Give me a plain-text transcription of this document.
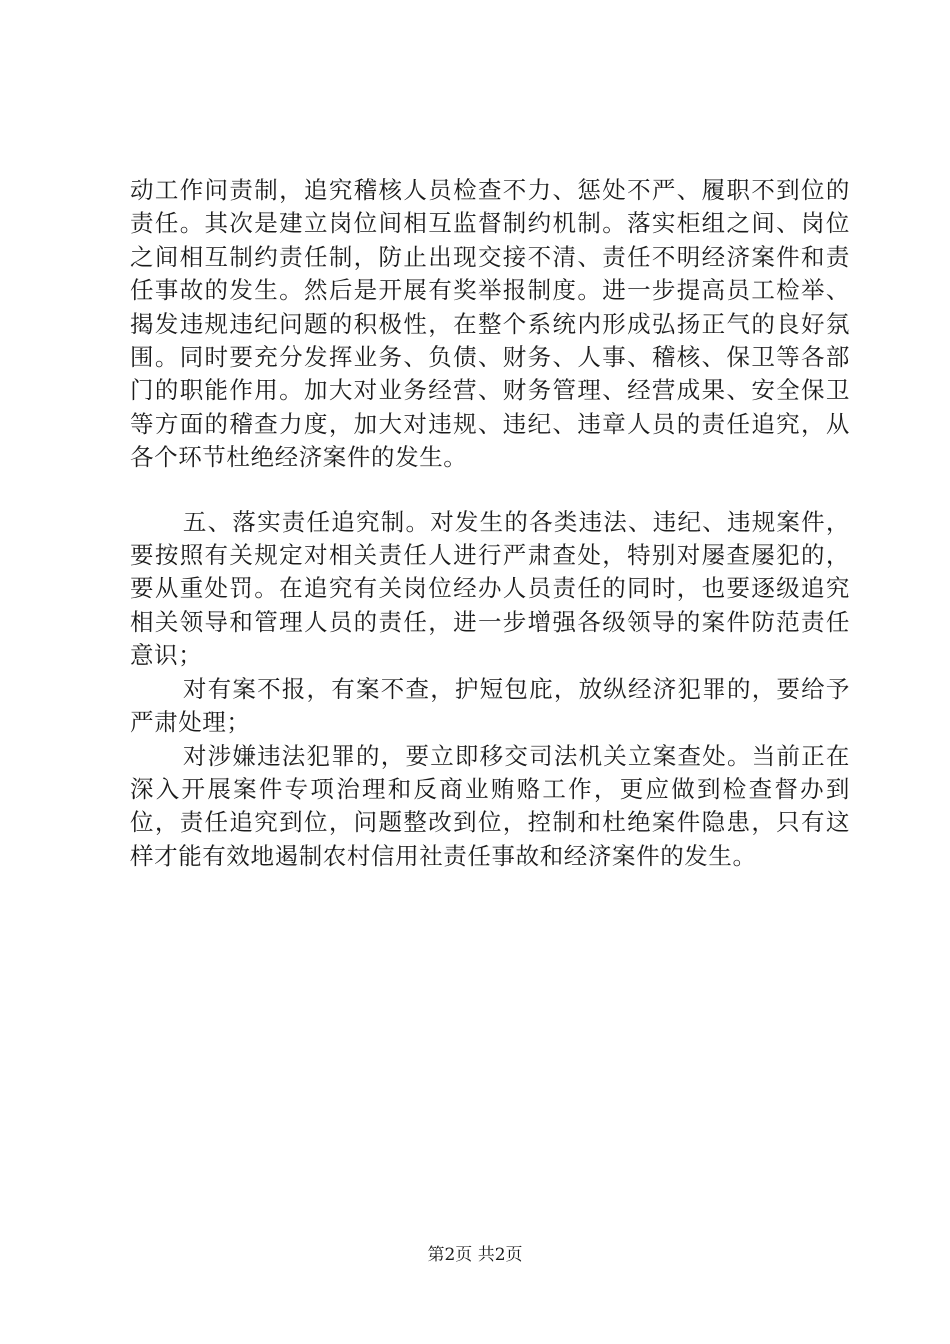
动工作问责制，追究稽核人员检查不力、惩处不严、履职不到位的责任。其次是建立岗位间相互监督制约机制。落实柜组之间、岗位之间相互制约责任制，防止出现交接不清、责任不明经济案件和责任事故的发生。然后是开展有奖举报制度。进一步提高员工检举、揭发违规违纪问题的积极性，在整个系统内形成弘扬正气的良好氛围。同时要充分发挥业务、负债、财务、人事、稽核、保卫等各部门的职能作用。加大对业务经营、财务管理、经营成果、安全保卫等方面的稽查力度，加大对违规、违纪、违章人员的责任追究，从各个环节杜绝经济案件的发生。

五、落实责任追究制。对发生的各类违法、违纪、违规案件，要按照有关规定对相关责任人进行严肃查处，特别对屡查屡犯的，要从重处罚。在追究有关岗位经办人员责任的同时，也要逐级追究相关领导和管理人员的责任，进一步增强各级领导的案件防范责任意识；

对有案不报，有案不查，护短包庇，放纵经济犯罪的，要给予严肃处理；

对涉嫌违法犯罪的，要立即移交司法机关立案查处。当前正在深入开展案件专项治理和反商业贿赂工作，更应做到检查督办到位，责任追究到位，问题整改到位，控制和杜绝案件隐患，只有这样才能有效地遏制农村信用社责任事故和经济案件的发生。

第2页 共2页
